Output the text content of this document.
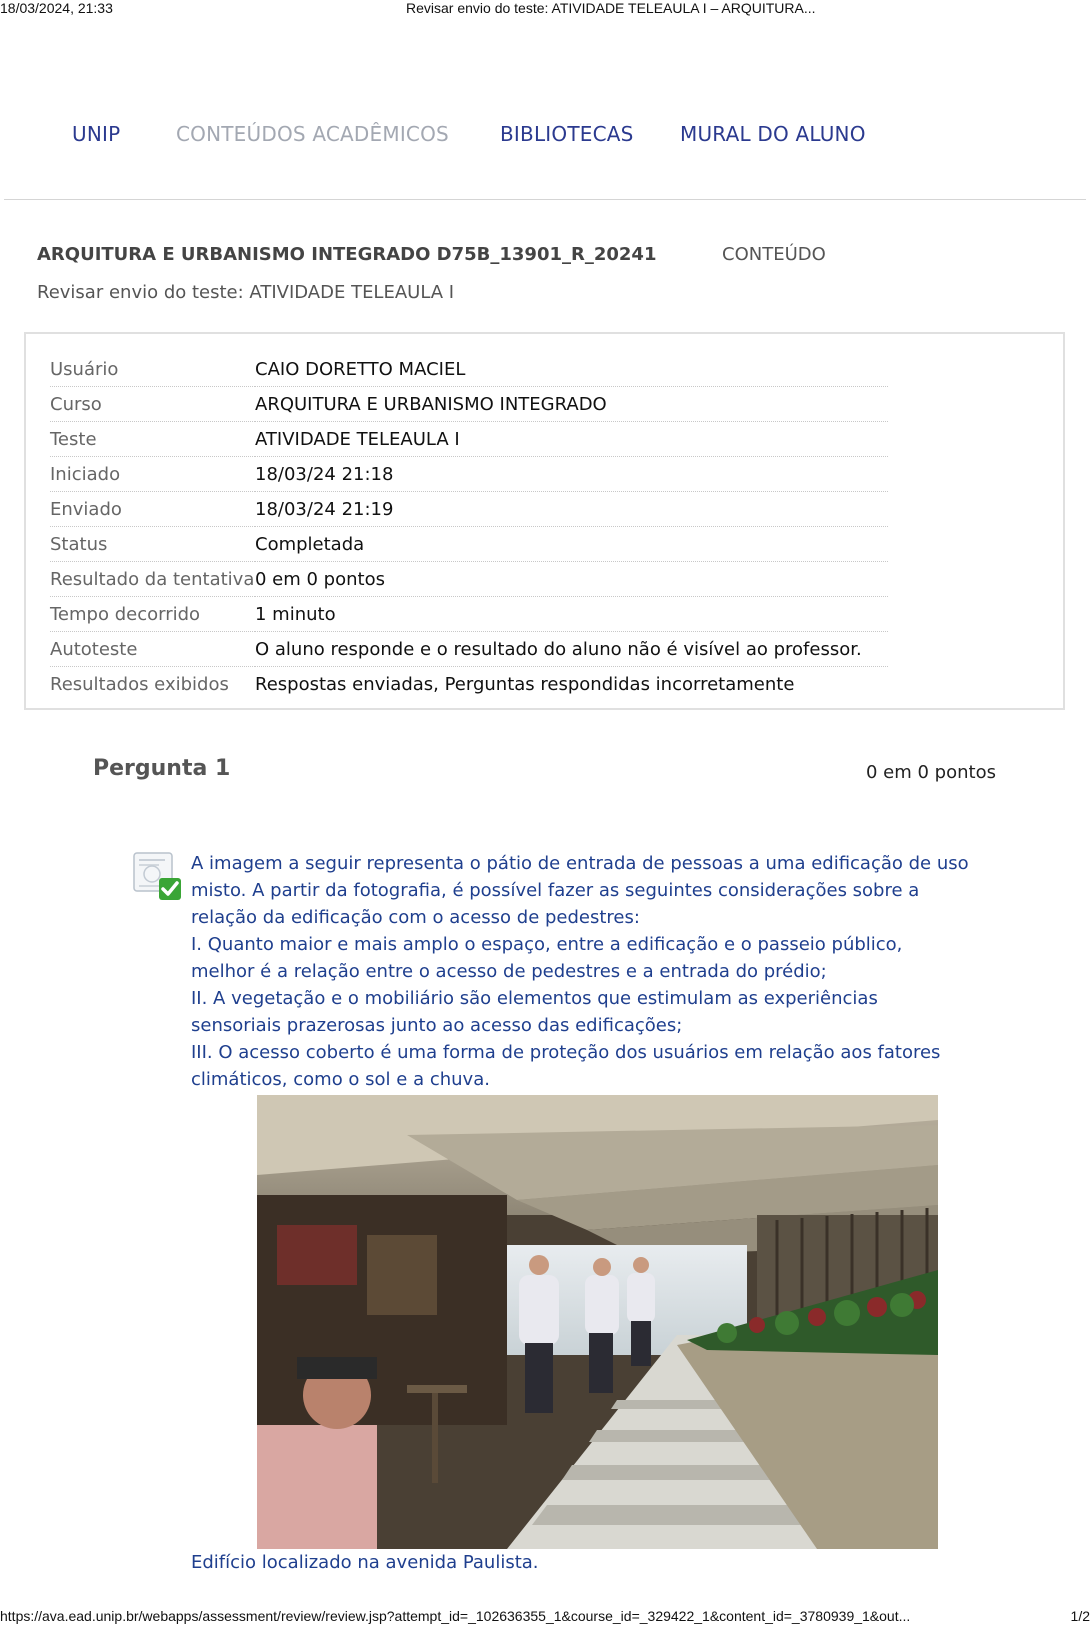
18/03/2024, 21:33	Revisar envio do teste: ATIVIDADE TELEAULA I – ARQUITURA...
UNIP	CONTEÚDOS ACADÊMICOS	BIBLIOTECAS MURAL DO ALUNO
ARQUITURA E URBANISMO INTEGRADO D75B_13901_R_20241	CONTEÚDO
Revisar envio do teste: ATIVIDADE TELEAULA I
Usuário	CAIO DORETTO MACIEL
Curso	ARQUITURA E URBANISMO INTEGRADO
Teste	ATIVIDADE TELEAULA I
Iniciado	18/03/24 21:18
Enviado	18/03/24 21:19
Status	Completada
Resultado da tentativa	0 em 0 pontos
Tempo decorrido	1 minuto
Autoteste	O aluno responde e o resultado do aluno não é visível ao professor.
Resultados exibidos	Respostas enviadas, Perguntas respondidas incorretamente
Pergunta 1	0 em 0 pontos

A imagem a seguir representa o pátio de entrada de pessoas a uma edificação de uso misto. A partir da fotografia, é possível fazer as seguintes considerações sobre a relação da edificação com o acesso de pedestres:

I. Quanto maior e mais amplo o espaço, entre a edificação e o passeio público, melhor é a relação entre o acesso de pedestres e a entrada do prédio;

II. A vegetação e o mobiliário são elementos que estimulam as experiências sensoriais prazerosas junto ao acesso das edificações;

III. O acesso coberto é uma forma de proteção dos usuários em relação aos fatores climáticos, como o sol e a chuva.

Edifício localizado na avenida Paulista.
https://ava.ead.unip.br/webapps/assessment/review/review.jsp?attempt_id=_102636355_1&course_id=_329422_1&content_id=_3780939_1&out...	1/2
